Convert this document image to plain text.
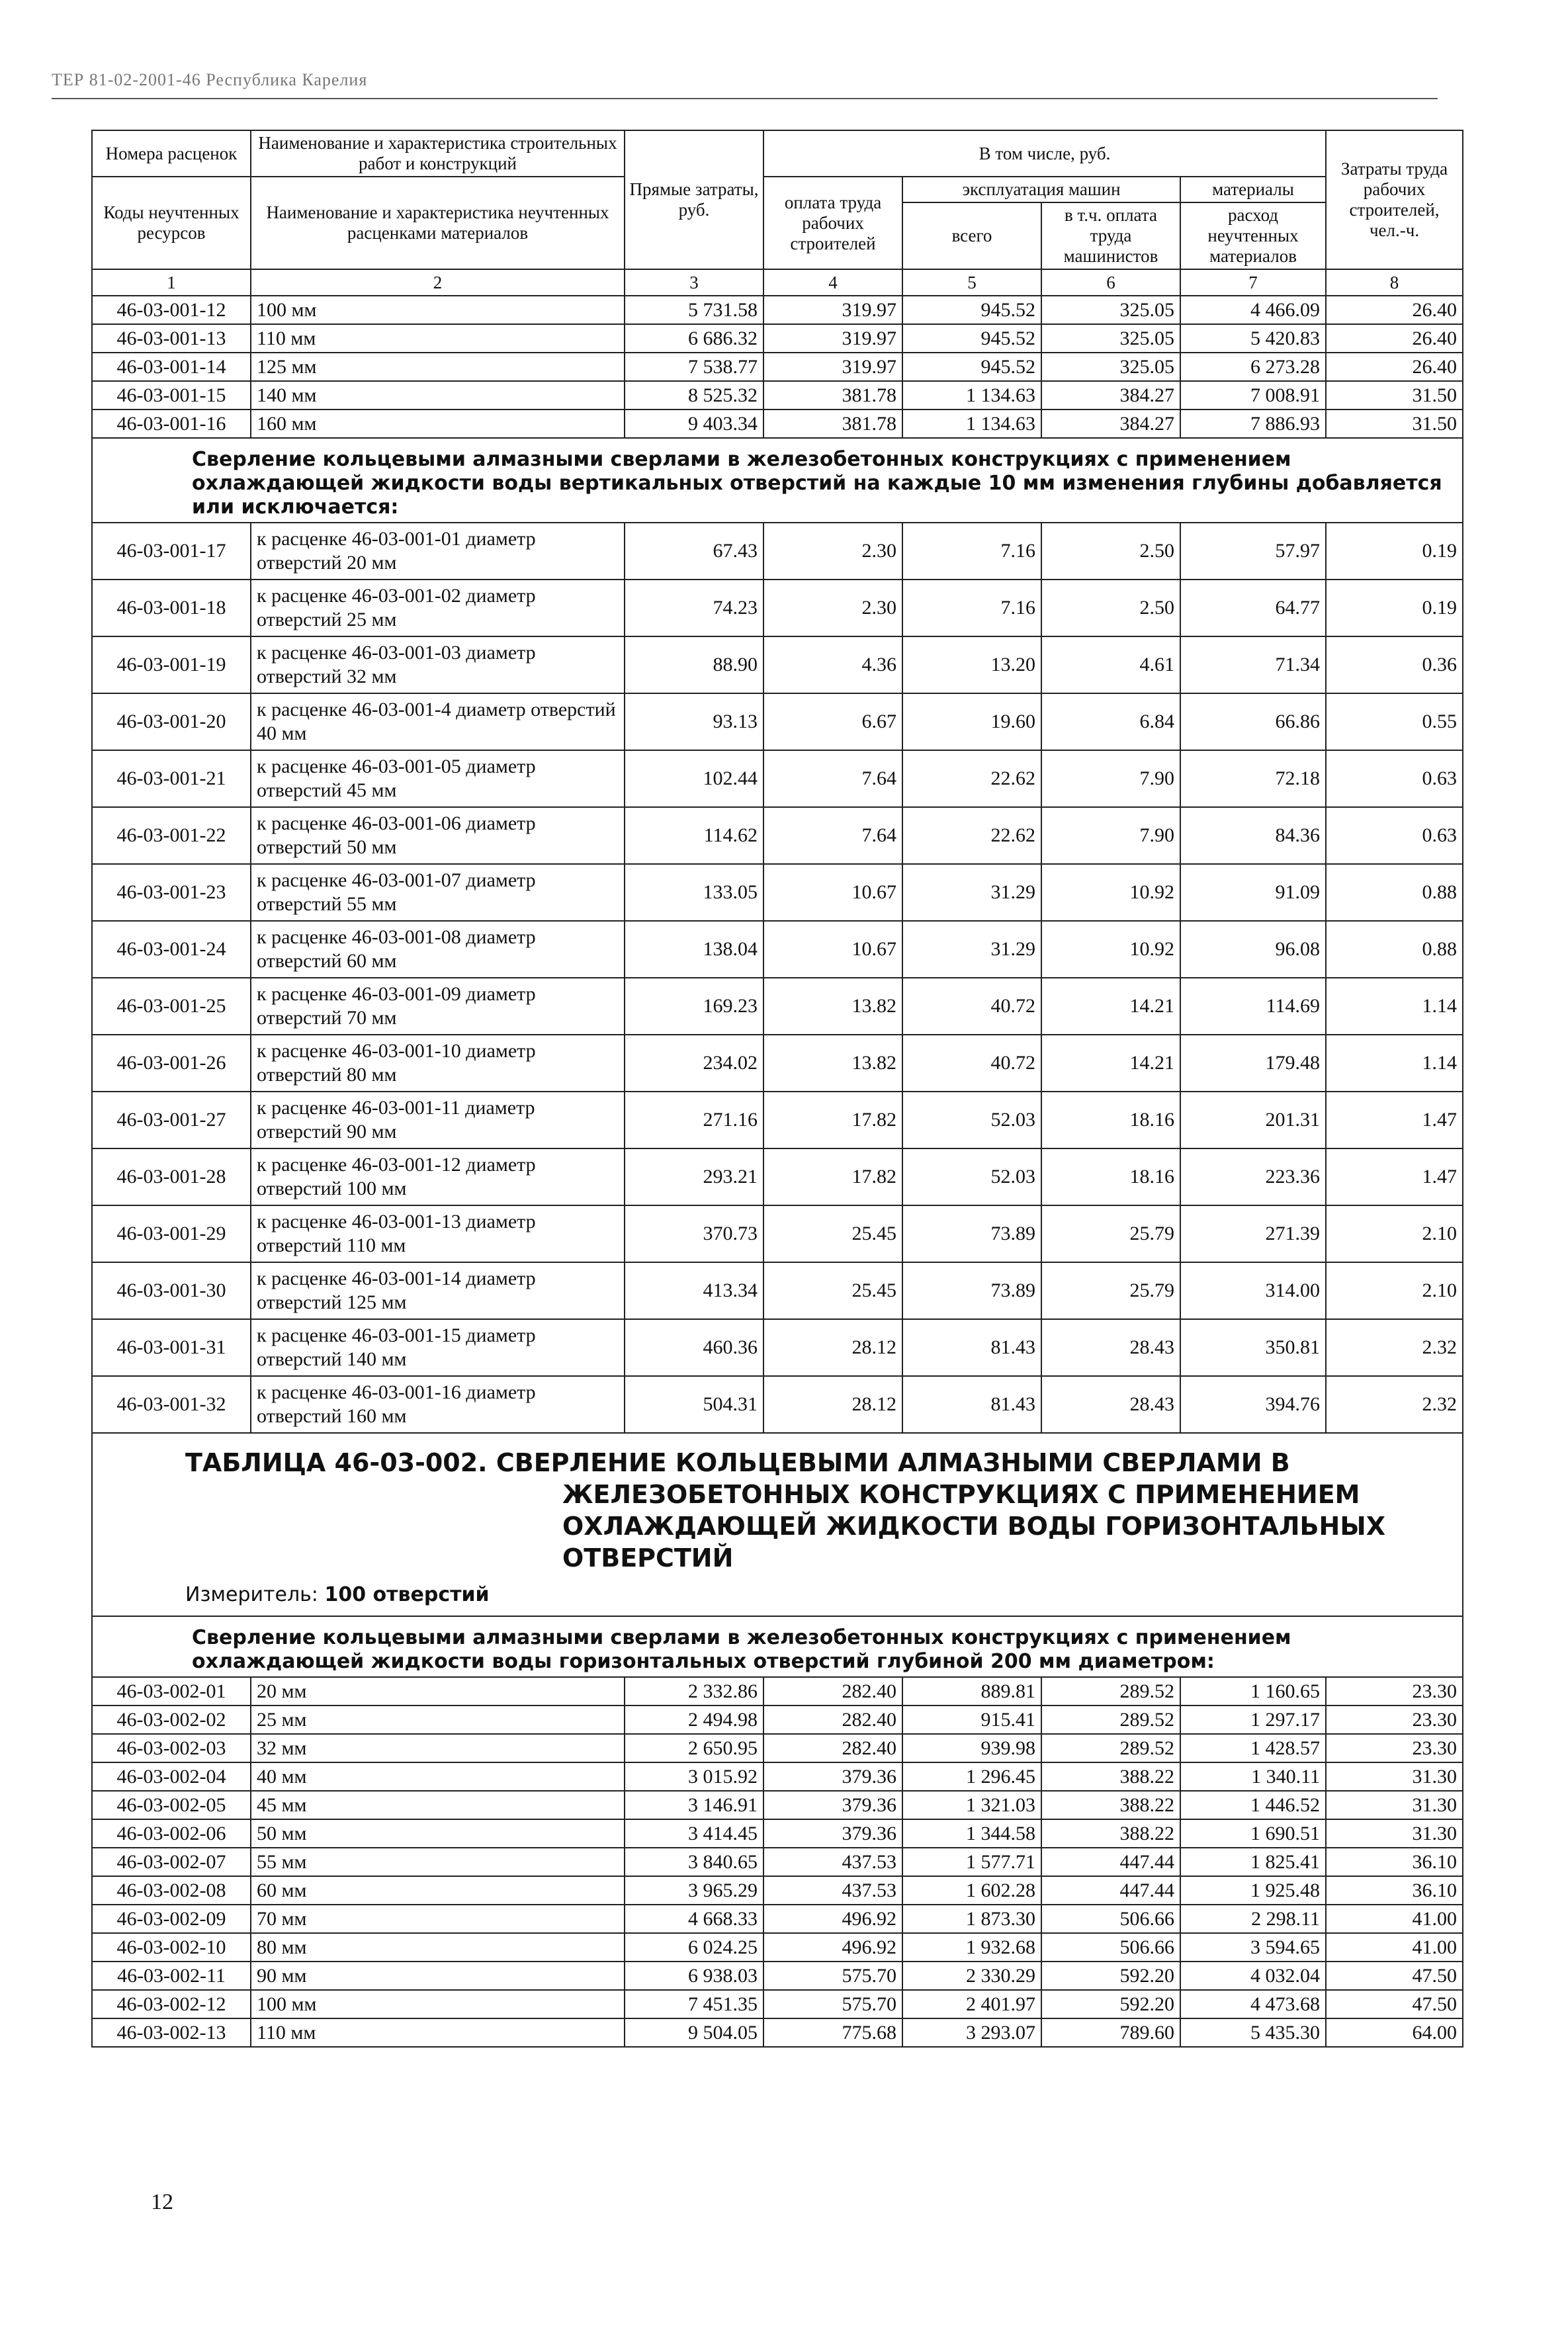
ТЕР 81-02-2001-46 Республика Карелия
Номера расценок	Наименование и характеристика строительных работ и конструкций	Прямые затраты, руб.	В том числе, руб.				Затраты труда рабочих строителей, чел.-ч.
Коды неучтенных ресурсов	Наименование и характеристика неучтенных расценками материалов		оплата труда рабочих строителей	эксплуатация машин		материалы	
				всего	в т.ч. оплата труда машинистов	расход неучтенных материалов	
1	2	3	4	5	6	7	8
46-03-001-12	100 мм	5 731.58	319.97	945.52	325.05	4 466.09	26.40
46-03-001-13	110 мм	6 686.32	319.97	945.52	325.05	5 420.83	26.40
46-03-001-14	125 мм	7 538.77	319.97	945.52	325.05	6 273.28	26.40
46-03-001-15	140 мм	8 525.32	381.78	1 134.63	384.27	7 008.91	31.50
46-03-001-16	160 мм	9 403.34	381.78	1 134.63	384.27	7 886.93	31.50
Сверление кольцевыми алмазными сверлами в железобетонных конструкциях с применением охлаждающей жидкости воды вертикальных отверстий на каждые 10 мм изменения глубины добавляется или исключается:							
46-03-001-17	к расценке 46-03-001-01 диаметр отверстий 20 мм	67.43	2.30	7.16	2.50	57.97	0.19
46-03-001-18	к расценке 46-03-001-02 диаметр отверстий 25 мм	74.23	2.30	7.16	2.50	64.77	0.19
46-03-001-19	к расценке 46-03-001-03 диаметр отверстий 32 мм	88.90	4.36	13.20	4.61	71.34	0.36
46-03-001-20	к расценке 46-03-001-4 диаметр отверстий 40 мм	93.13	6.67	19.60	6.84	66.86	0.55
46-03-001-21	к расценке 46-03-001-05 диаметр отверстий 45 мм	102.44	7.64	22.62	7.90	72.18	0.63
46-03-001-22	к расценке 46-03-001-06 диаметр отверстий 50 мм	114.62	7.64	22.62	7.90	84.36	0.63
46-03-001-23	к расценке 46-03-001-07 диаметр отверстий 55 мм	133.05	10.67	31.29	10.92	91.09	0.88
46-03-001-24	к расценке 46-03-001-08 диаметр отверстий 60 мм	138.04	10.67	31.29	10.92	96.08	0.88
46-03-001-25	к расценке 46-03-001-09 диаметр отверстий 70 мм	169.23	13.82	40.72	14.21	114.69	1.14
46-03-001-26	к расценке 46-03-001-10 диаметр отверстий 80 мм	234.02	13.82	40.72	14.21	179.48	1.14
46-03-001-27	к расценке 46-03-001-11 диаметр отверстий 90 мм	271.16	17.82	52.03	18.16	201.31	1.47
46-03-001-28	к расценке 46-03-001-12 диаметр отверстий 100 мм	293.21	17.82	52.03	18.16	223.36	1.47
46-03-001-29	к расценке 46-03-001-13 диаметр отверстий 110 мм	370.73	25.45	73.89	25.79	271.39	2.10
46-03-001-30	к расценке 46-03-001-14 диаметр отверстий 125 мм	413.34	25.45	73.89	25.79	314.00	2.10
46-03-001-31	к расценке 46-03-001-15 диаметр отверстий 140 мм	460.36	28.12	81.43	28.43	350.81	2.32
46-03-001-32	к расценке 46-03-001-16 диаметр отверстий 160 мм	504.31	28.12	81.43	28.43	394.76	2.32

ТАБЛИЦА 46-03-002. СВЕРЛЕНИЕ КОЛЬЦЕВЫМИ АЛМАЗНЫМИ СВЕРЛАМИ В
ЖЕЛЕЗОБЕТОННЫХ КОНСТРУКЦИЯХ С ПРИМЕНЕНИЕМ
ОХЛАЖДАЮЩЕЙ ЖИДКОСТИ ВОДЫ ГОРИЗОНТАЛЬНЫХ
ОТВЕРСТИЙ
Измеритель: 100 отверстий							

Сверление кольцевыми алмазными сверлами в железобетонных конструкциях с применением охлаждающей жидкости воды горизонтальных отверстий глубиной 200 мм диаметром:							
46-03-002-01	20 мм	2 332.86	282.40	889.81	289.52	1 160.65	23.30
46-03-002-02	25 мм	2 494.98	282.40	915.41	289.52	1 297.17	23.30
46-03-002-03	32 мм	2 650.95	282.40	939.98	289.52	1 428.57	23.30
46-03-002-04	40 мм	3 015.92	379.36	1 296.45	388.22	1 340.11	31.30
46-03-002-05	45 мм	3 146.91	379.36	1 321.03	388.22	1 446.52	31.30
46-03-002-06	50 мм	3 414.45	379.36	1 344.58	388.22	1 690.51	31.30
46-03-002-07	55 мм	3 840.65	437.53	1 577.71	447.44	1 825.41	36.10
46-03-002-08	60 мм	3 965.29	437.53	1 602.28	447.44	1 925.48	36.10
46-03-002-09	70 мм	4 668.33	496.92	1 873.30	506.66	2 298.11	41.00
46-03-002-10	80 мм	6 024.25	496.92	1 932.68	506.66	3 594.65	41.00
46-03-002-11	90 мм	6 938.03	575.70	2 330.29	592.20	4 032.04	47.50
46-03-002-12	100 мм	7 451.35	575.70	2 401.97	592.20	4 473.68	47.50
46-03-002-13	110 мм	9 504.05	775.68	3 293.07	789.60	5 435.30	64.00
12
